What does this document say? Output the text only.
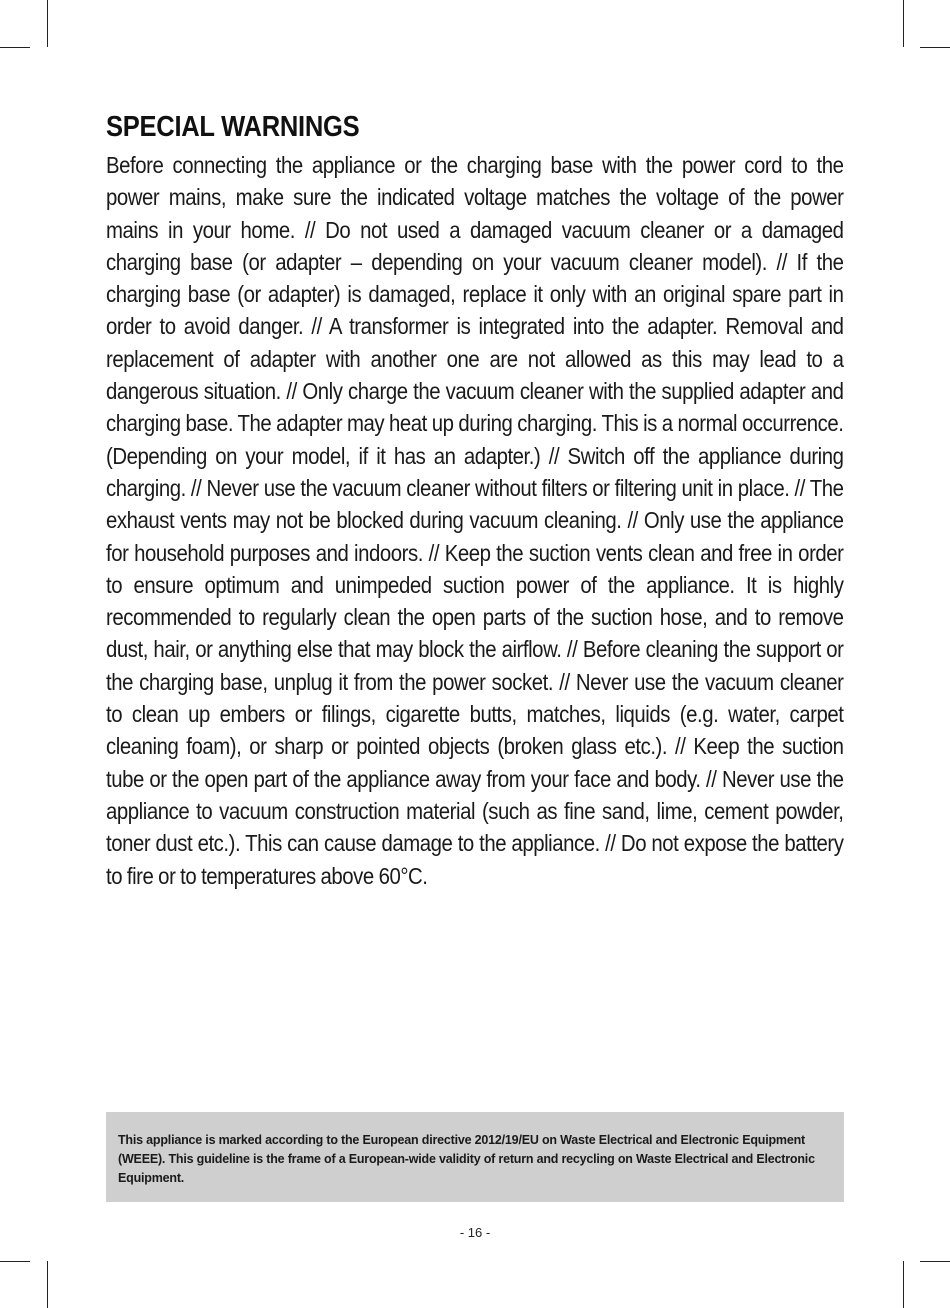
SPECIAL WARNINGS

Before connecting the appliance or the charging base with the power cord to the power mains, make sure the indicated voltage matches the voltage of the power mains in your home. // Do not used a damaged vacuum cleaner or a damaged charging base (or adapter – depending on your vacuum cleaner model). // If the charging base (or adapter) is damaged, replace it only with an original spare part in order to avoid danger. // A transformer is integrated into the adapter. Removal and replacement of adapter with another one are not allowed as this may lead to a dangerous situation. // Only charge the vacuum cleaner with the supplied adapter and charging base. The adapter may heat up during charging. This is a normal occurrence. (Depending on your model, if it has an adapter.) // Switch off the appliance during charging. // Never use the vacuum cleaner without filters or filtering unit in place. // The exhaust vents may not be blocked during vacuum cleaning. // Only use the appliance for household purposes and indoors. // Keep the suction vents clean and free in order to ensure optimum and unimpeded suction power of the appliance. It is highly recommended to regularly clean the open parts of the suction hose, and to remove dust, hair, or anything else that may block the airflow. // Before cleaning the support or the charging base, unplug it from the power socket. // Never use the vacuum cleaner to clean up embers or filings, cigarette butts, matches, liquids (e.g. water, carpet cleaning foam), or sharp or pointed objects (broken glass etc.). // Keep the suction tube or the open part of the appliance away from your face and body. // Never use the appliance to vacuum construction material (such as fine sand, lime, cement powder, toner dust etc.). This can cause damage to the appliance. // Do not expose the battery to fire or to temperatures above 60°C.

This appliance is marked according to the European directive 2012/19/EU on Waste Electrical and Electronic Equipment (WEEE). This guideline is the frame of a European-wide validity of return and recycling on Waste Electrical and Electronic Equipment.

- 16 -
